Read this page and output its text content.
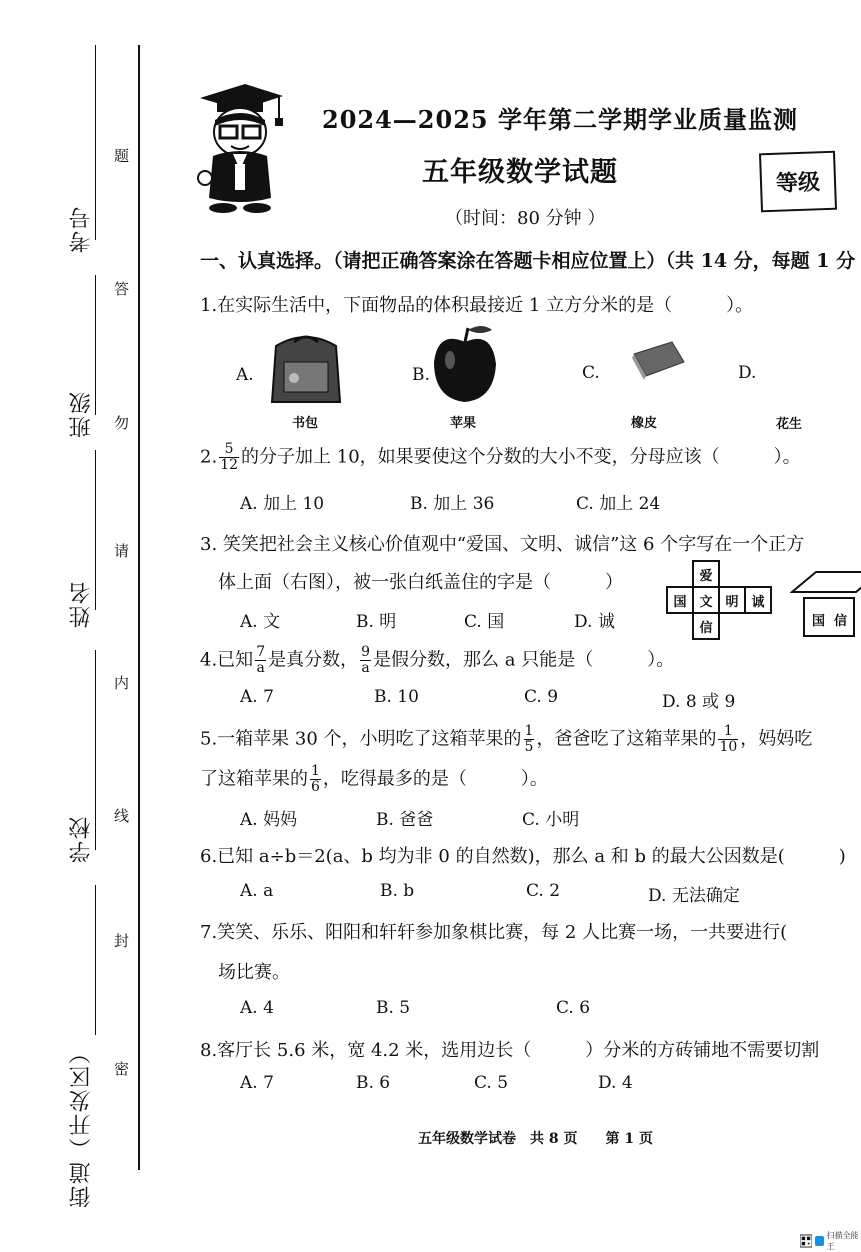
考号
班级
姓名
学校
街道（开发区）
题
答
勿
请
内
线
封
密
2024—2025 学年第二学期学业质量监测
五年级数学试题
（时间：80 分钟 ）
等级
一、认真选择。（请把正确答案涂在答题卡相应位置上）（共 14 分，每题 1 分
1.在实际生活中，下面物品的体积最接近 1 立方分米的是（　　　）。
A.
书包
B.
苹果
C.
橡皮
D.
花生
2. $\frac{5}{12}$ 的分子加上 10，如果要使这个分数的大小不变，分母应该（　　　）。
A. 加上 10	B. 加上 36	C. 加上 24
3. 笑笑把社会主义核心价值观中“爱国、文明、诚信”这 6 个字写在一个正方
体上面（右图），被一张白纸盖住的字是（　　　）
A. 文	B. 明	C. 国	D. 诚
	爱		
国	文	明	诚
	信			国 信
4.已知 $\frac{7}{a}$ 是真分数， $\frac{9}{a}$ 是假分数，那么 a 只能是（　　　）。
A. 7	B. 10	C. 9	D. 8 或 9
5.一箱苹果 30 个，小明吃了这箱苹果的 $\frac{1}{5}$ ，爸爸吃了这箱苹果的 $\frac{1}{10}$ ，妈妈吃
了这箱苹果的 $\frac{1}{6}$ ，吃得最多的是（　　　）。
A. 妈妈	B. 爸爸	C. 小明
6.已知 a÷b＝2(a、b 均为非 0 的自然数)，那么 a 和 b 的最大公因数是(　　　)
A. a	B. b	C. 2	D. 无法确定
7.笑笑、乐乐、阳阳和轩轩参加象棋比赛，每 2 人比赛一场，一共要进行(
场比赛。
A. 4	B. 5	C. 6
8.客厅长 5.6 米，宽 4.2 米，选用边长（　　　）分米的方砖铺地不需要切割
A. 7	B. 6	C. 5	D. 4
五年级数学试卷　共 8 页　　第 1 页
扫描全能王
